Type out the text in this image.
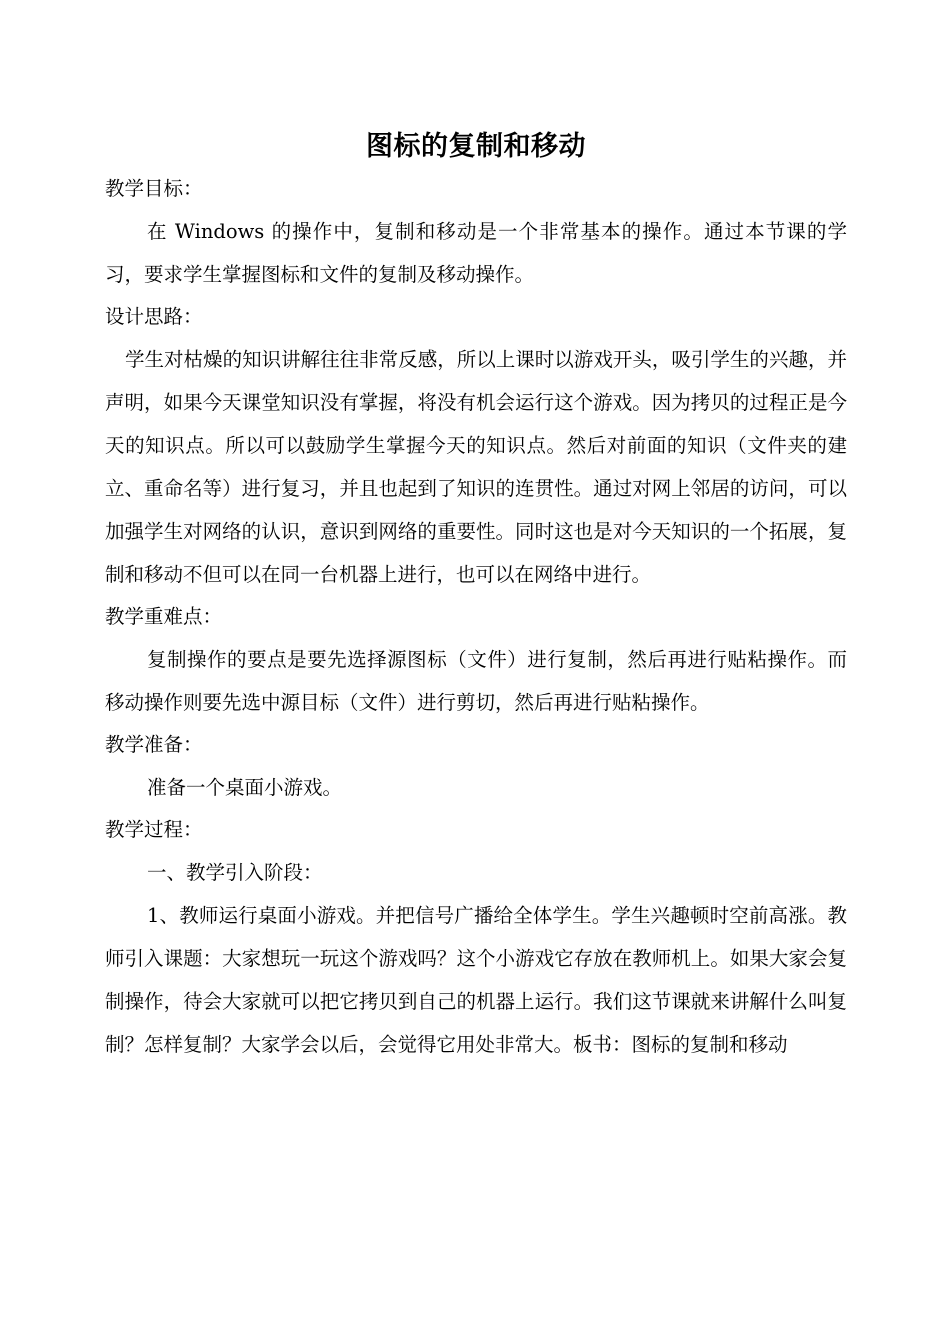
图标的复制和移动

教学目标：

在 Windows 的操作中，复制和移动是一个非常基本的操作。通过本节课的学习，要求学生掌握图标和文件的复制及移动操作。

设计思路：

学生对枯燥的知识讲解往往非常反感，所以上课时以游戏开头，吸引学生的兴趣，并声明，如果今天课堂知识没有掌握，将没有机会运行这个游戏。因为拷贝的过程正是今天的知识点。所以可以鼓励学生掌握今天的知识点。然后对前面的知识（文件夹的建立、重命名等）进行复习，并且也起到了知识的连贯性。通过对网上邻居的访问，可以加强学生对网络的认识，意识到网络的重要性。同时这也是对今天知识的一个拓展，复制和移动不但可以在同一台机器上进行，也可以在网络中进行。

教学重难点：

复制操作的要点是要先选择源图标（文件）进行复制，然后再进行贴粘操作。而移动操作则要先选中源目标（文件）进行剪切，然后再进行贴粘操作。

教学准备：

准备一个桌面小游戏。

教学过程：

一、教学引入阶段：

1、教师运行桌面小游戏。并把信号广播给全体学生。学生兴趣顿时空前高涨。教师引入课题：大家想玩一玩这个游戏吗？这个小游戏它存放在教师机上。如果大家会复制操作，待会大家就可以把它拷贝到自己的机器上运行。我们这节课就来讲解什么叫复制？怎样复制？大家学会以后，会觉得它用处非常大。板书：图标的复制和移动
